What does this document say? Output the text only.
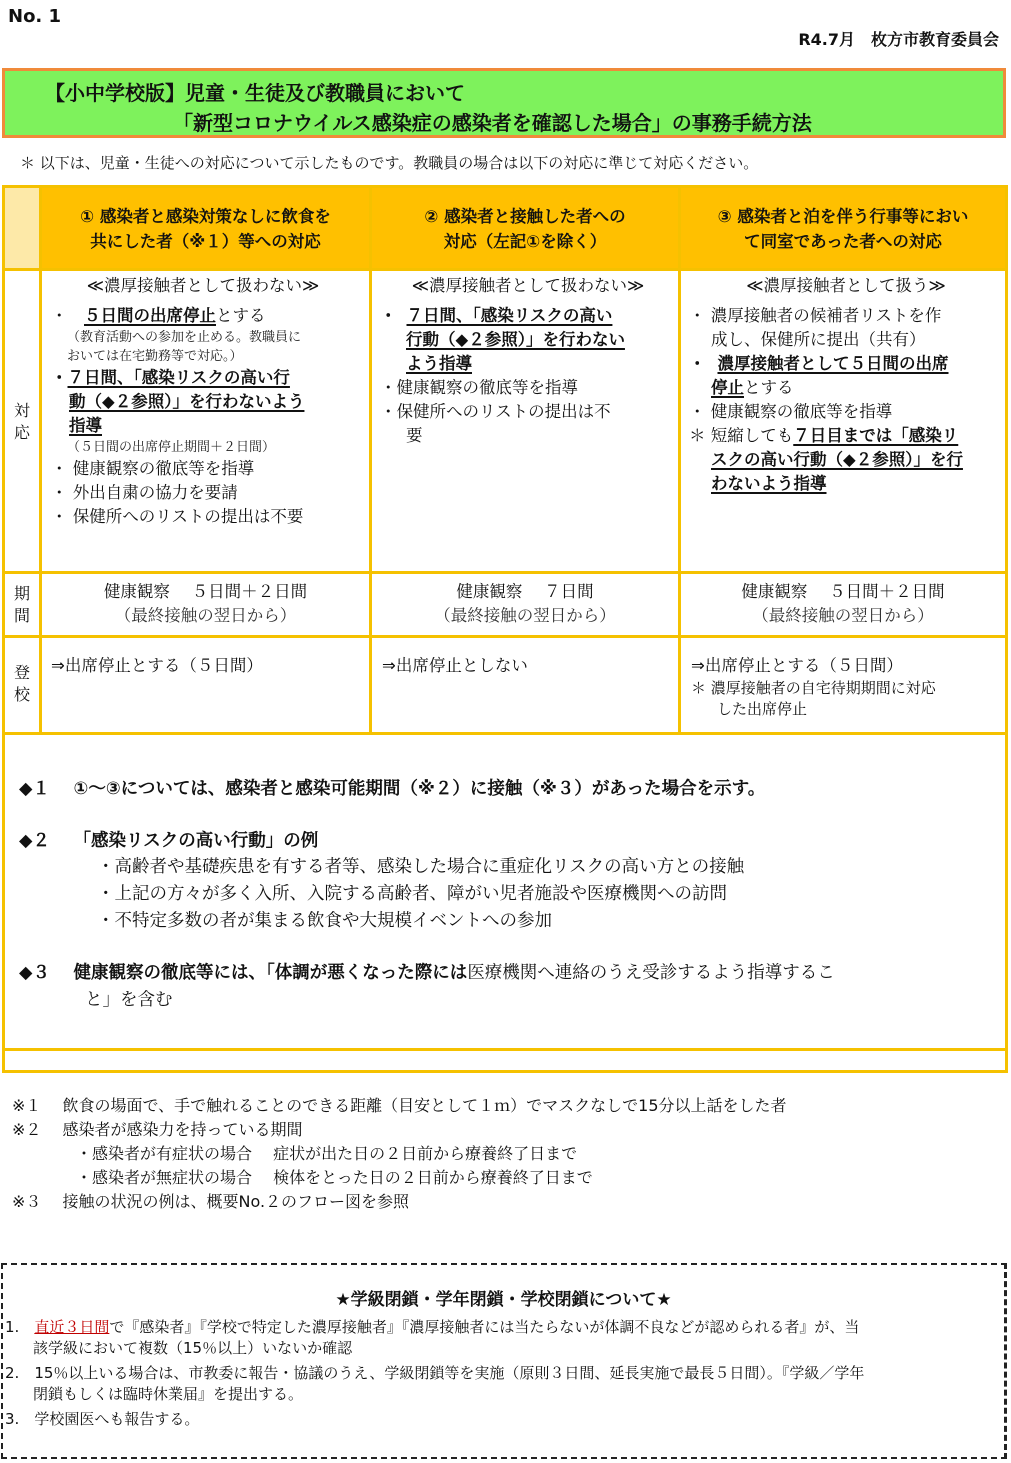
No. 1
R4.7月　枚方市教育委員会
【小中学校版】児童・生徒及び教職員において
「新型コロナウイルス感染症の感染者を確認した場合」の事務手続方法
＊ 以下は、児童・生徒への対応について示したものです。教職員の場合は以下の対応に準じて対応ください。
① 感染者と感染対策なしに飲食を
共にした者（※１）等への対応
② 感染者と接触した者への
対応（左記①を除く）
③ 感染者と泊を伴う行事等におい
て同室であった者への対応
対
応
期
間
登
校
≪濃厚接触者として扱わない≫
・　 ５日間の出席停止とする
（教育活動への参加を止める。教職員に
おいては在宅勤務等で対応。）
・ ７日間、「感染リスクの高い行
動（◆２参照）」を行わないよう
指導
（５日間の出席停止期間＋２日間）
・ 健康観察の徹底等を指導
・ 外出自粛の協力を要請
・ 保健所へのリストの提出は不要
≪濃厚接触者として扱わない≫
・ ７日間、「感染リスクの高い
行動（◆２参照）」を行わない
よう指導
・健康観察の徹底等を指導
・保健所へのリストの提出は不
要
≪濃厚接触者として扱う≫
・ 濃厚接触者の候補者リストを作
成し、保健所に提出（共有）
・ 濃厚接触者として５日間の出席
停止とする
・ 健康観察の徹底等を指導
＊ 短縮しても７日目までは「感染リ
スクの高い行動（◆２参照）」を行
わないよう指導
健康観察　 ５日間＋２日間
（最終接触の翌日から）
健康観察　 ７日間
（最終接触の翌日から）
健康観察　 ５日間＋２日間
（最終接触の翌日から）
⇒出席停止とする（５日間）	⇒出席停止としない	⇒出席停止とする（５日間）
＊ 濃厚接触者の自宅待期期間に対応
した出席停止
◆１　 ①～③については、感染者と感染可能期間（※２）に接触（※３）があった場合を示す。
◆２　 「感染リスクの高い行動」の例
・高齢者や基礎疾患を有する者等、感染した場合に重症化リスクの高い方との接触
・上記の方々が多く入所、入院する高齢者、障がい児者施設や医療機関への訪問
・不特定多数の者が集まる飲食や大規模イベントへの参加
◆３　 健康観察の徹底等には、「体調が悪くなった際には医療機関へ連絡のうえ受診するよう指導するこ
と」を含む
※１　 飲食の場面で、手で触れることのできる距離（目安として１ｍ）でマスクなしで15分以上話をした者
※２　 感染者が感染力を持っている期間
・感染者が有症状の場合　 症状が出た日の２日前から療養終了日まで
・感染者が無症状の場合　 検体をとった日の２日前から療養終了日まで
※３　 接触の状況の例は、概要No.２のフロー図を参照
★学級閉鎖・学年閉鎖・学校閉鎖について★
1.　 直近３日間で『感染者』『学校で特定した濃厚接触者』『濃厚接触者には当たらないが体調不良などが認められる者』が、当
該学級において複数（15％以上）いないか確認
2.　 15％以上いる場合は、市教委に報告・協議のうえ、学級閉鎖等を実施（原則３日間、延長実施で最長５日間）。『学級／学年
閉鎖もしくは臨時休業届』を提出する。
3.　 学校園医へも報告する。
